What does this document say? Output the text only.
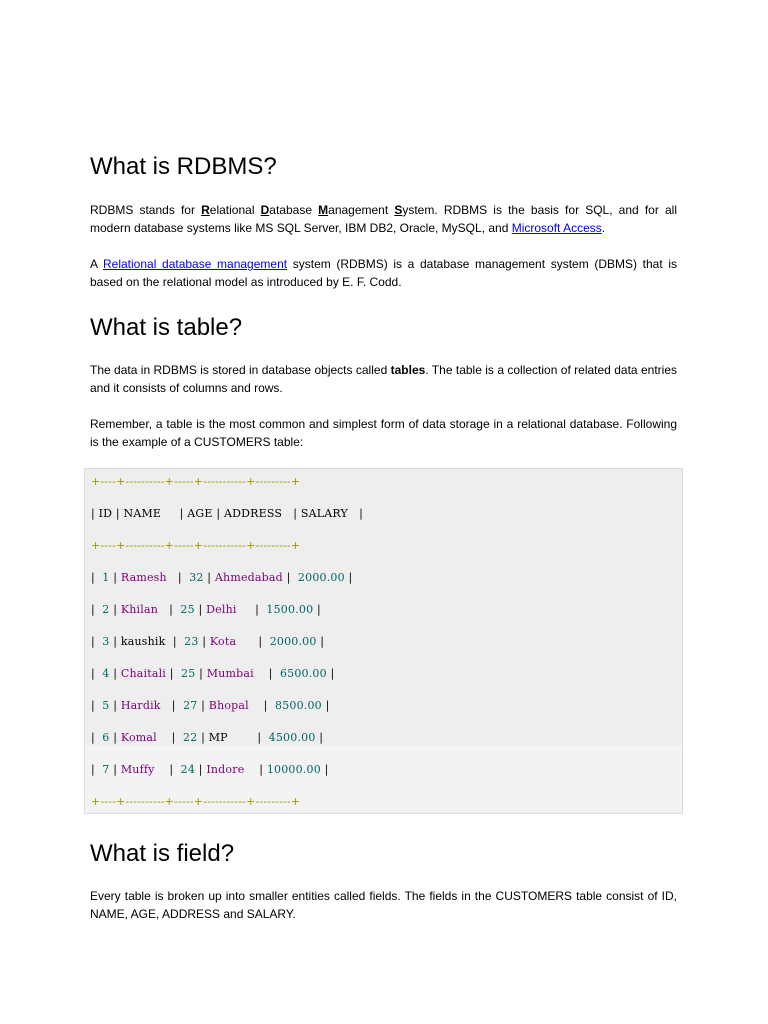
What is RDBMS?

RDBMS stands for Relational Database Management System. RDBMS is the basis for SQL, and for all modern database systems like MS SQL Server, IBM DB2, Oracle, MySQL, and Microsoft Access.

A Relational database management system (RDBMS) is a database management system (DBMS) that is based on the relational model as introduced by E. F. Codd.

What is table?

The data in RDBMS is stored in database objects called tables. The table is a collection of related data entries and it consists of columns and rows.

Remember, a table is the most common and simplest form of data storage in a relational database. Following is the example of a CUSTOMERS table:

What is field?

Every table is broken up into smaller entities called fields. The fields in the CUSTOMERS table consist of ID, NAME, AGE, ADDRESS and SALARY.

+----+----------+-----+-----------+---------+
| ID | NAME     | AGE | ADDRESS   | SALARY   |
+----+----------+-----+-----------+---------+
|  1 | Ramesh   |  32 | Ahmedabad |  2000.00 |
|  2 | Khilan   |  25 | Delhi     |  1500.00 |
|  3 | kaushik  |  23 | Kota      |  2000.00 |
|  4 | Chaitali |  25 | Mumbai    |  6500.00 |
|  5 | Hardik   |  27 | Bhopal    |  8500.00 |
|  6 | Komal    |  22 | MP        |  4500.00 |
|  7 | Muffy    |  24 | Indore    | 10000.00 |
+----+----------+-----+-----------+---------+
